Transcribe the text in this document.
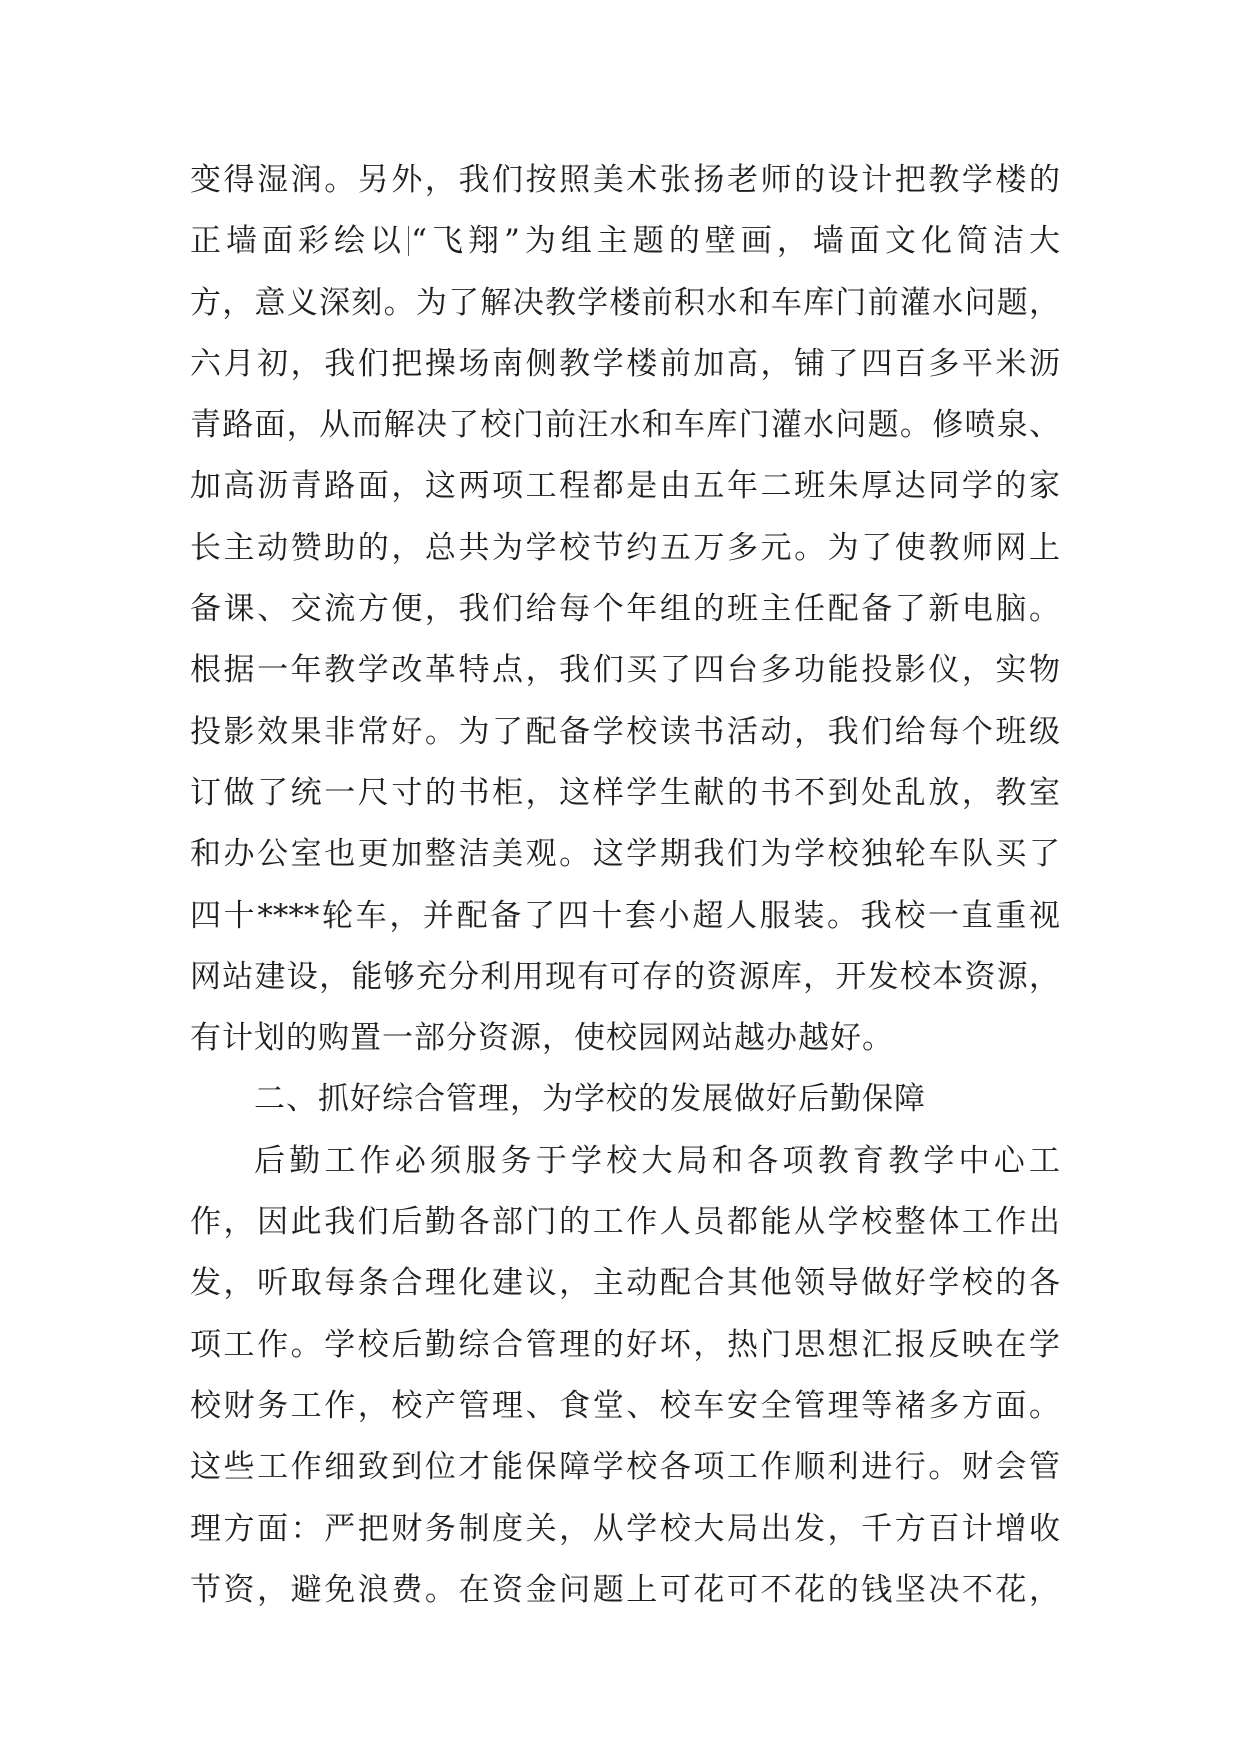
变得湿润。另外，我们按照美术张扬老师的设计把教学楼的
正墙面彩绘以 “飞翔”为组主题的壁画，墙面文化简洁大
方，意义深刻。为了解决教学楼前积水和车库门前灌水问题，
六月初，我们把操场南侧教学楼前加高，铺了四百多平米沥
青路面，从而解决了校门前汪水和车库门灌水问题。修喷泉、
加高沥青路面，这两项工程都是由五年二班朱厚达同学的家
长主动赞助的，总共为学校节约五万多元。为了使教师网上
备课、交流方便，我们给每个年组的班主任配备了新电脑。
根据一年教学改革特点，我们买了四台多功能投影仪，实物
投影效果非常好。为了配备学校读书活动，我们给每个班级
订做了统一尺寸的书柜，这样学生献的书不到处乱放，教室
和办公室也更加整洁美观。这学期我们为学校独轮车队买了
四十****轮车，并配备了四十套小超人服装。我校一直重视
网站建设，能够充分利用现有可存的资源库，开发校本资源，
有计划的购置一部分资源，使校园网站越办越好。
二、抓好综合管理，为学校的发展做好后勤保障
后勤工作必须服务于学校大局和各项教育教学中心工
作，因此我们后勤各部门的工作人员都能从学校整体工作出
发，听取每条合理化建议，主动配合其他领导做好学校的各
项工作。学校后勤综合管理的好坏，热门思想汇报反映在学
校财务工作，校产管理、食堂、校车安全管理等褚多方面。
这些工作细致到位才能保障学校各项工作顺利进行。财会管
理方面：严把财务制度关，从学校大局出发，千方百计增收
节资，避免浪费。在资金问题上可花可不花的钱坚决不花，
